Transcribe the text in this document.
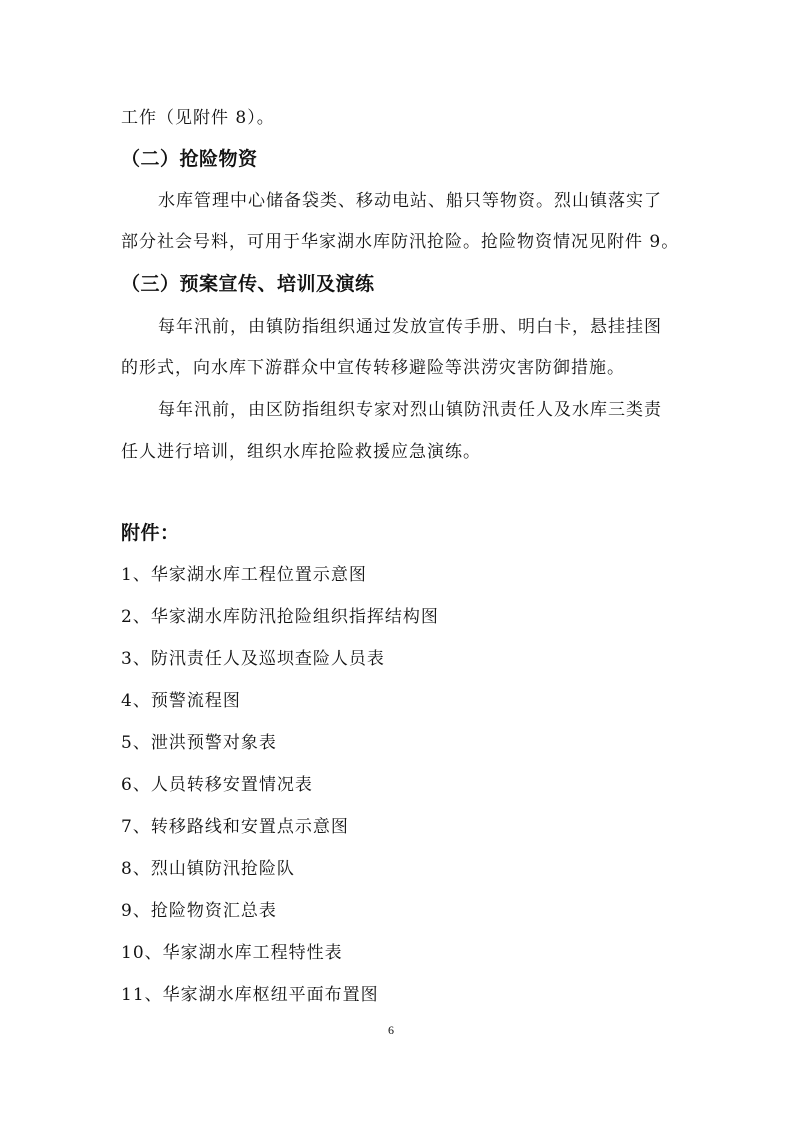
工作（见附件 8）。
（二）抢险物资
水库管理中心储备袋类、移动电站、船只等物资。烈山镇落实了
部分社会号料，可用于华家湖水库防汛抢险。抢险物资情况见附件 9。
（三）预案宣传、培训及演练
每年汛前，由镇防指组织通过发放宣传手册、明白卡，悬挂挂图
的形式，向水库下游群众中宣传转移避险等洪涝灾害防御措施。
每年汛前，由区防指组织专家对烈山镇防汛责任人及水库三类责
任人进行培训，组织水库抢险救援应急演练。
附件：
1、华家湖水库工程位置示意图
2、华家湖水库防汛抢险组织指挥结构图
3、防汛责任人及巡坝查险人员表
4、预警流程图
5、泄洪预警对象表
6、人员转移安置情况表
7、转移路线和安置点示意图
8、烈山镇防汛抢险队
9、抢险物资汇总表
10、华家湖水库工程特性表
11、华家湖水库枢纽平面布置图
6
